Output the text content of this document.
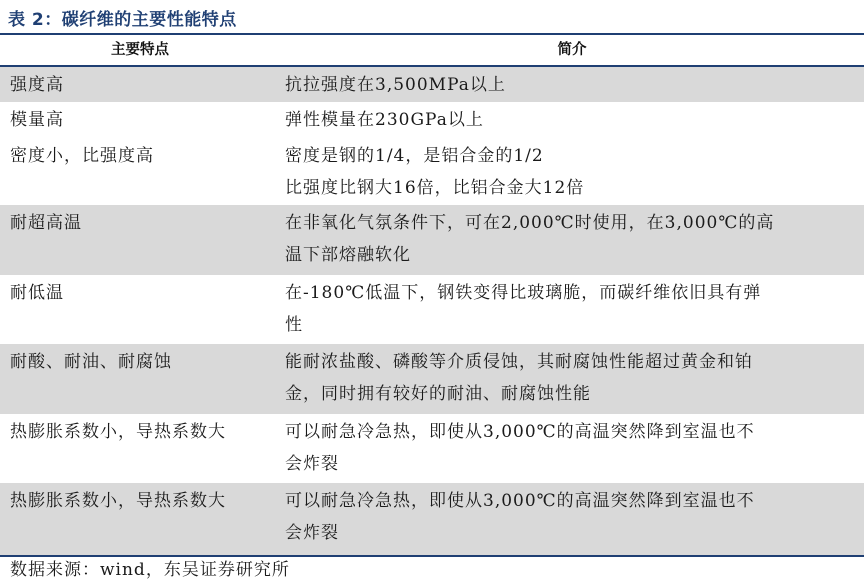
表 2：碳纤维的主要性能特点
主要特点	简介
强度高	抗拉强度在3,500MPa以上
模量高	弹性模量在230GPa以上
密度小，比强度高	密度是钢的1/4，是铝合金的1/2
比强度比钢大16倍，比铝合金大12倍
耐超高温	在非氧化气氛条件下，可在2,000℃时使用，在3,000℃的高
温下部熔融软化
耐低温	在-180℃低温下，钢铁变得比玻璃脆，而碳纤维依旧具有弹
性
耐酸、耐油、耐腐蚀	能耐浓盐酸、磷酸等介质侵蚀，其耐腐蚀性能超过黄金和铂
金，同时拥有较好的耐油、耐腐蚀性能
热膨胀系数小，导热系数大	可以耐急冷急热，即使从3,000℃的高温突然降到室温也不
会炸裂
热膨胀系数小，导热系数大	可以耐急冷急热，即使从3,000℃的高温突然降到室温也不
会炸裂
数据来源：wind，东吴证券研究所
